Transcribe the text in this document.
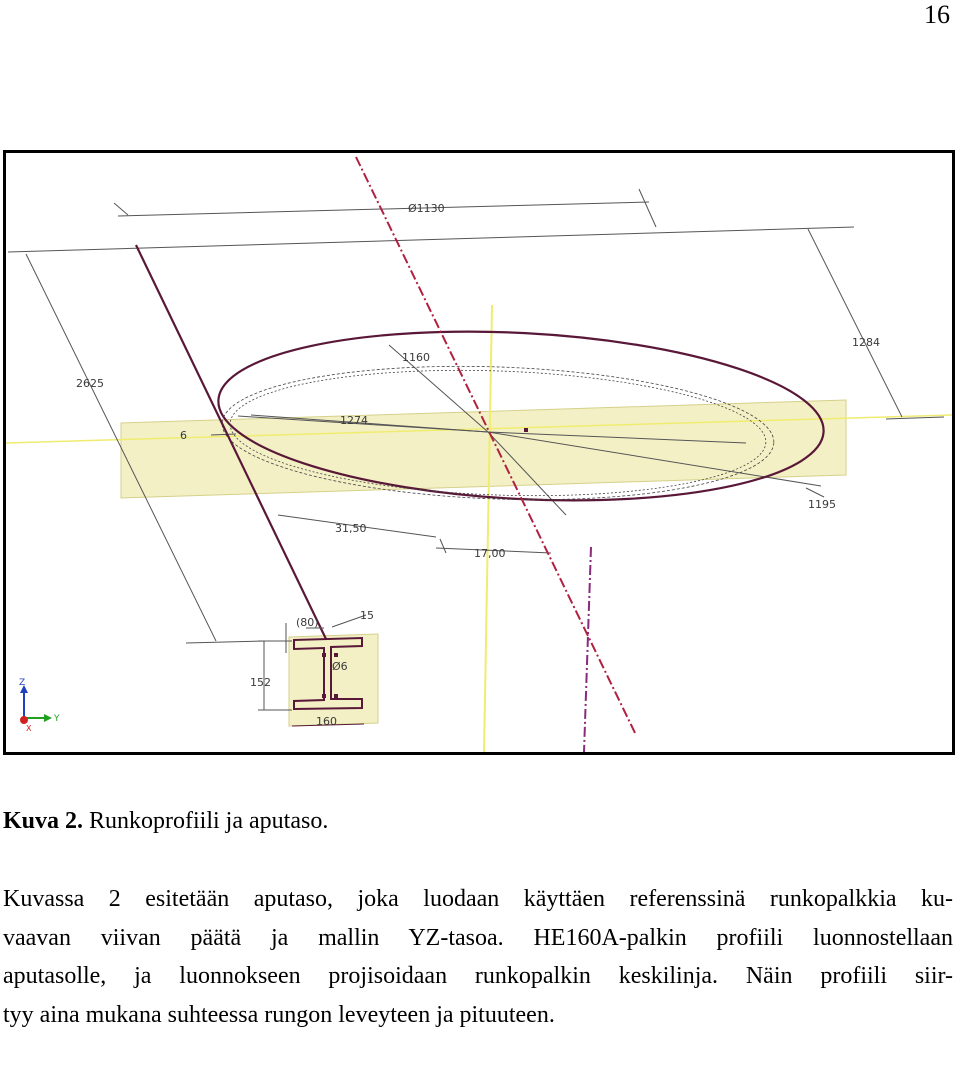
16
Ø1130
2625
1284
1160
1274
6
31,50
17,00
1195
(80)
15
Ø6
152
160
Z
Y
X
Kuva 2. Runkoprofiili ja aputaso.
Kuvassa 2 esitetään aputaso, joka luodaan käyttäen referenssinä runkopalkkia ku-
vaavan viivan päätä ja mallin YZ-tasoa. HE160A-palkin profiili luonnostellaan
aputasolle, ja luonnokseen projisoidaan runkopalkin keskilinja. Näin profiili siir-
tyy aina mukana suhteessa rungon leveyteen ja pituuteen.
